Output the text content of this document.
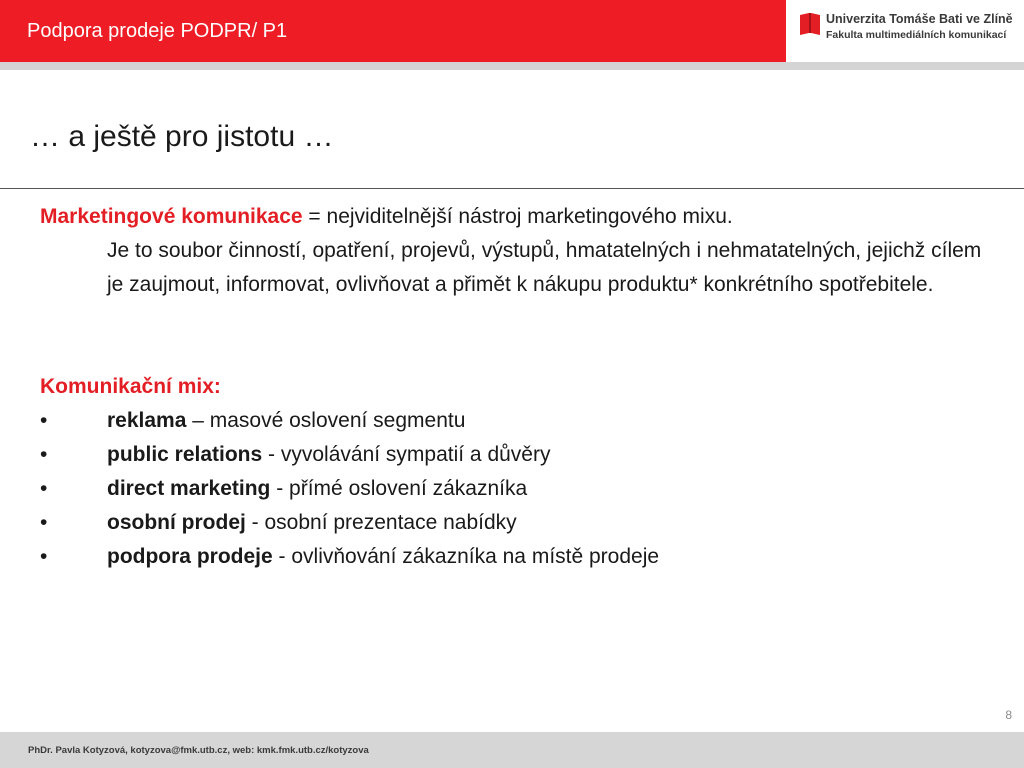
Podpora prodeje PODPR/ P1
Univerzita Tomáše Bati ve Zlíně
Fakulta multimediálních komunikací
… a ještě pro jistotu …
Marketingové komunikace = nejviditelnější nástroj marketingového mixu.
Je to soubor činností, opatření, projevů, výstupů, hmatatelných i nehmatatelných, jejichž cílem je zaujmout, informovat, ovlivňovat a přimět k nákupu produktu* konkrétního spotřebitele.
Komunikační mix:
•	reklama – masové oslovení segmentu
•	public relations - vyvolávání sympatií a důvěry
•	direct marketing - přímé oslovení zákazníka
•	osobní prodej - osobní prezentace nabídky
•	podpora prodeje - ovlivňování zákazníka na místě prodeje
8
PhDr. Pavla Kotyzová, kotyzova@fmk.utb.cz, web: kmk.fmk.utb.cz/kotyzova
